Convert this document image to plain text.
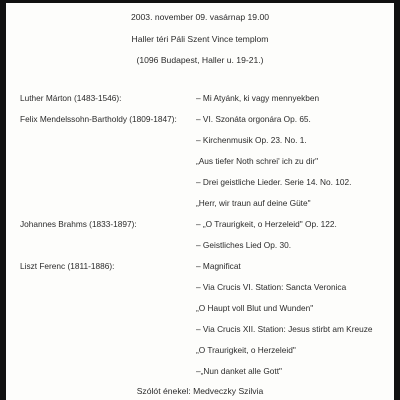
2003. november 09. vasárnap 19.00
Haller téri Páli Szent Vince templom
(1096 Budapest, Haller u. 19-21.)
Luther Márton (1483-1546):	– Mi Atyánk, ki vagy mennyekben
Felix Mendelssohn-Bartholdy (1809-1847): – VI. Szonáta orgonára Op. 65.
– Kirchenmusik Op. 23. No. 1.
„Aus tiefer Noth schrei' ich zu dir"
– Drei geistliche Lieder. Serie 14. No. 102.
„Herr, wir traun auf deine Güte"
Johannes Brahms (1833-1897):	– „O Traurigkeit, o Herzeleid" Op. 122.
– Geistliches Lied Op. 30.
Liszt Ferenc (1811-1886):	– Magnificat
– Via Crucis VI. Station: Sancta Veronica
„O Haupt voll Blut und Wunden"
– Via Crucis XII. Station: Jesus stirbt am Kreuze
„O Traurigkeit, o Herzeleid"
–„Nun danket alle Gott"
Szólót énekel: Medveczky Szilvia
